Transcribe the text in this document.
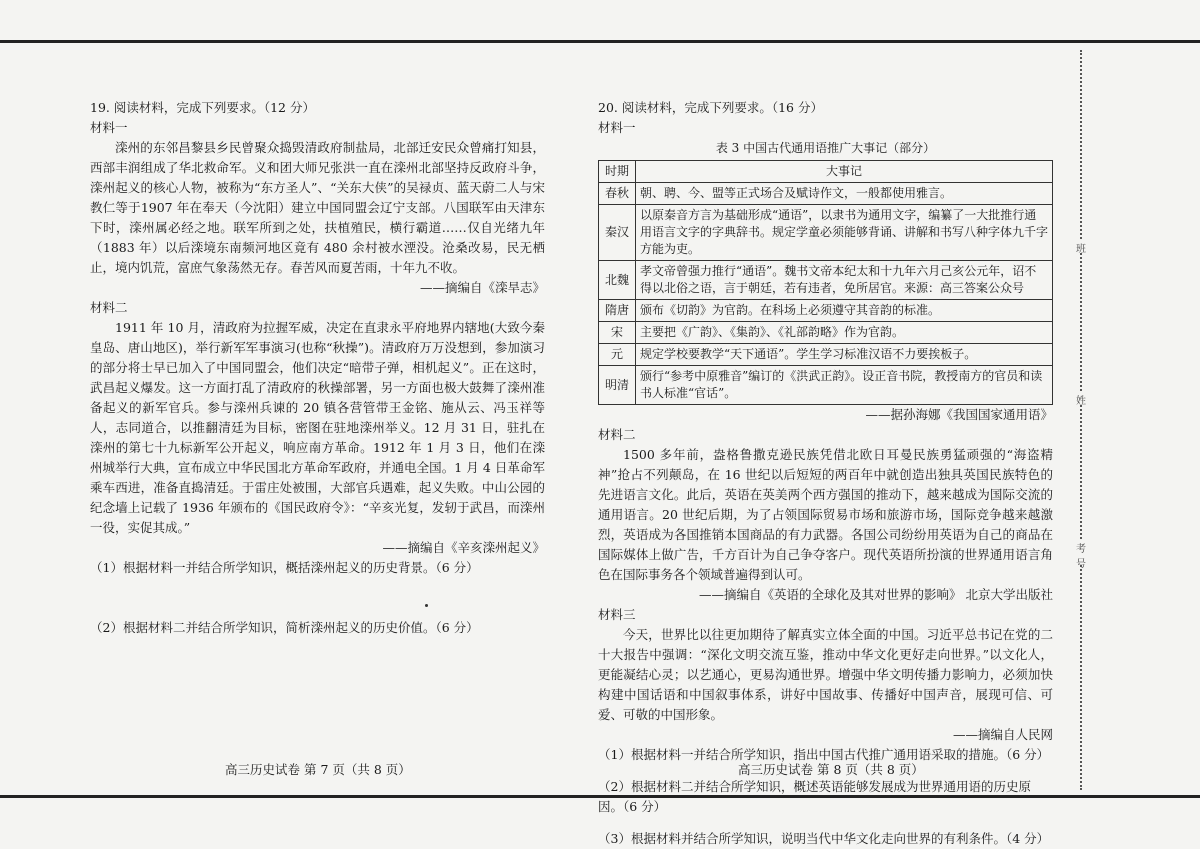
19. 阅读材料，完成下列要求。（12 分）

材料一

滦州的东邻昌黎县乡民曾聚众捣毁清政府制盐局，北部迁安民众曾痛打知县，西部丰润组成了华北救命军。义和团大师兄张洪一直在滦州北部坚持反政府斗争，滦州起义的核心人物，被称为“东方圣人”、“关东大侠”的吴禄贞、蓝天蔚二人与宋教仁等于1907 年在奉天（今沈阳）建立中国同盟会辽宁支部。八国联军由天津东下时，滦州属必经之地。联军所到之处，扶植殖民，横行霸道……仅自光绪九年（1883 年）以后滦境东南频河地区竟有 480 余村被水湮没。沧桑改易，民无栖止，境内饥荒，富庶气象荡然无存。春苦风而夏苦雨，十年九不收。

——摘编自《滦旱志》

材料二

1911 年 10 月，清政府为拉握军威，决定在直隶永平府地界内辖地(大致今秦皇岛、唐山地区)，举行新军军事演习(也称“秋操”)。清政府万万没想到，参加演习的部分将士早已加入了中国同盟会，他们决定“暗带子弹，相机起义”。正在这时，武昌起义爆发。这一方面打乱了清政府的秋操部署，另一方面也极大鼓舞了滦州准备起义的新军官兵。参与滦州兵谏的 20 镇各营管带王金铭、施从云、冯玉祥等人，志同道合，以推翻清廷为目标，密图在驻地滦州举义。12 月 31 日，驻扎在滦州的第七十九标新军公开起义，响应南方革命。1912 年 1 月 3 日，他们在滦州城举行大典，宣布成立中华民国北方革命军政府，并通电全国。1 月 4 日革命军乘车西进，准备直捣清廷。于雷庄处被围，大部官兵遇难，起义失败。中山公园的纪念墙上记载了 1936 年颁布的《国民政府令》：“辛亥光复，发轫于武昌，而滦州一役，实促其成。”

——摘编自《辛亥滦州起义》

（1）根据材料一并结合所学知识，概括滦州起义的历史背景。（6 分）

（2）根据材料二并结合所学知识，简析滦州起义的历史价值。（6 分）

高三历史试卷 第 7 页（共 8 页）

20. 阅读材料，完成下列要求。（16 分）

材料一

表 3 中国古代通用语推广大事记（部分）

时期	大事记
春秋	朝、聘、今、盟等正式场合及赋诗作文，一般都使用雅言。
秦汉	以原秦音方言为基础形成“通语”，以隶书为通用文字，编纂了一大批推行通用语言文字的字典辞书。规定学童必须能够背诵、讲解和书写八种字体九千字方能为吏。
北魏	孝文帝曾强力推行“通语”。魏书文帝本纪太和十九年六月己亥公元年，诏不得以北俗之语，言于朝廷，若有违者，免所居官。来源：高三答案公众号
隋唐	颁布《切韵》为官韵。在科场上必须遵守其音韵的标准。
宋	主要把《广韵》、《集韵》、《礼部韵略》作为官韵。
元	规定学校要教学“天下通语”。学生学习标准汉语不力要挨板子。
明清	颁行“参考中原雅音”编订的《洪武正韵》。设正音书院，教授南方的官员和读书人标准“官话”。

——据孙海娜《我国国家通用语》

材料二

1500 多年前，盎格鲁撒克逊民族凭借北欧日耳曼民族勇猛顽强的“海盗精神”抢占不列颠岛，在 16 世纪以后短短的两百年中就创造出独具英国民族特色的先进语言文化。此后，英语在英美两个西方强国的推动下，越来越成为国际交流的通用语言。20 世纪后期，为了占领国际贸易市场和旅游市场，国际竞争越来越激烈，英语成为各国推销本国商品的有力武器。各国公司纷纷用英语为自己的商品在国际媒体上做广告，千方百计为自己争夺客户。现代英语所扮演的世界通用语言角色在国际事务各个领域普遍得到认可。

——摘编自《英语的全球化及其对世界的影响》 北京大学出版社

材料三

今天，世界比以往更加期待了解真实立体全面的中国。习近平总书记在党的二十大报告中强调：“深化文明交流互鉴，推动中华文化更好走向世界。”以文化人，更能凝结心灵；以艺通心，更易沟通世界。增强中华文明传播力影响力，必须加快构建中国话语和中国叙事体系，讲好中国故事、传播好中国声音，展现可信、可爱、可敬的中国形象。

——摘编自人民网

（1）根据材料一并结合所学知识，指出中国古代推广通用语采取的措施。（6 分）

（2）根据材料二并结合所学知识，概述英语能够发展成为世界通用语的历史原因。（6 分）

（3）根据材料并结合所学知识，说明当代中华文化走向世界的有利条件。（4 分）

高三历史试卷 第 8 页（共 8 页）
班
姓
考号
